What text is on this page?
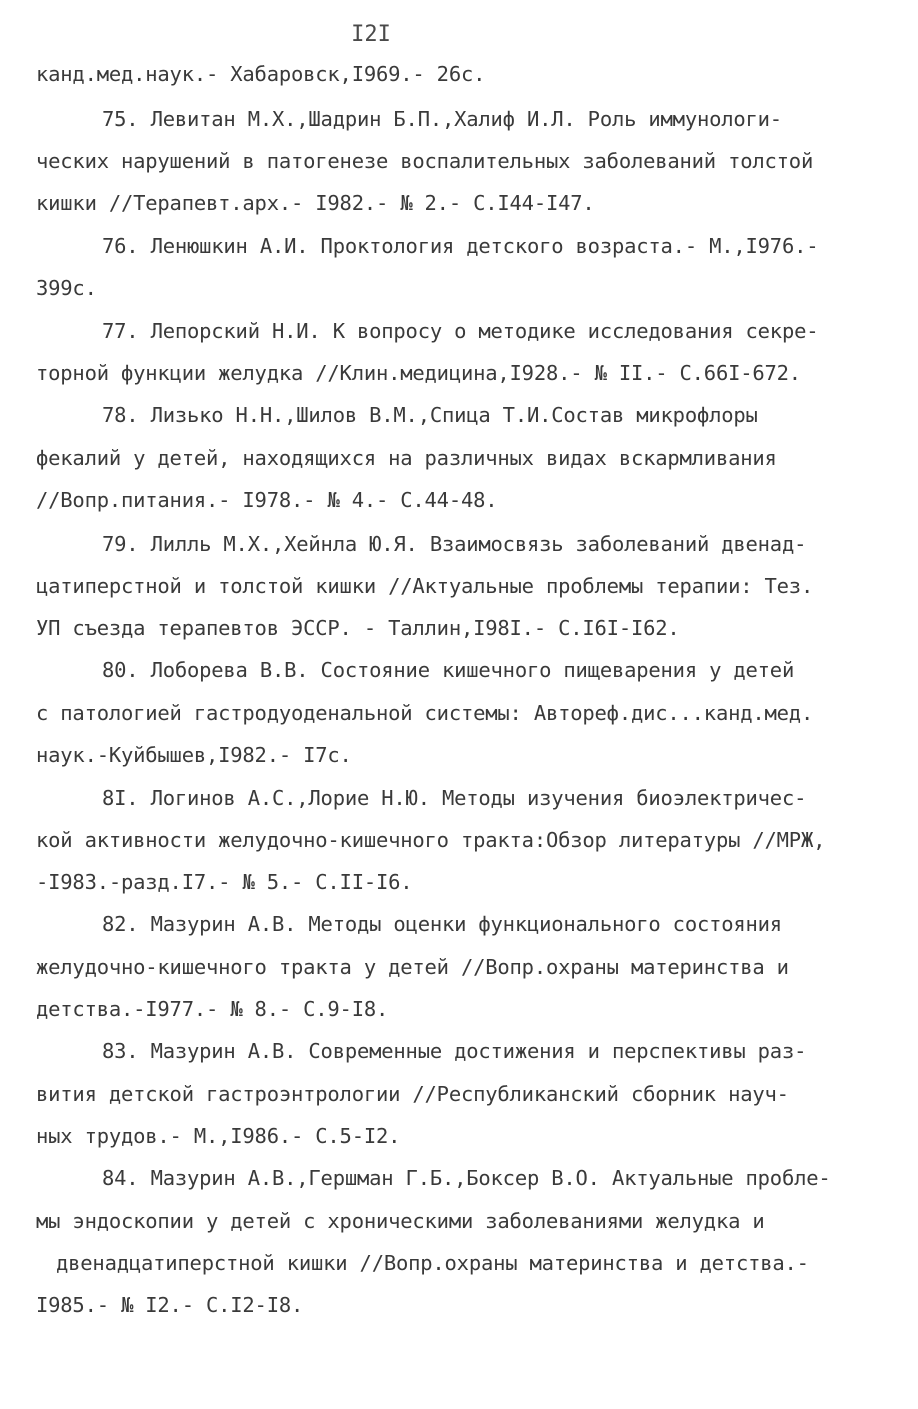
I2I
канд.мед.наук.- Хабаровск,I969.- 26с.
75. Левитан М.Х.,Шадрин Б.П.,Халиф И.Л. Роль иммунологи-
ческих нарушений в патогенезе воспалительных заболеваний толстой
кишки //Терапевт.арх.- I982.- № 2.- С.I44-I47.
76. Ленюшкин А.И. Проктология детского возраста.- М.,I976.-
399с.
77. Лепорский Н.И. К вопросу о методике исследования секре-
торной функции желудка //Клин.медицина,I928.- № II.- С.66I-672.
78. Лизько Н.Н.,Шилов В.М.,Спица Т.И.Состав микрофлоры
фекалий у детей, находящихся на различных видах вскармливания
//Вопр.питания.- I978.- № 4.- С.44-48.
79. Лилль М.Х.,Хейнла Ю.Я. Взаимосвязь заболеваний двенад-
цатиперстной и толстой кишки //Актуальные проблемы терапии: Тез.
УП съезда терапевтов ЭССР. - Таллин,I98I.- С.I6I-I62.
80. Лоборева В.В. Состояние кишечного пищеварения у детей
с патологией гастродуоденальной системы: Автореф.дис...канд.мед.
наук.-Куйбышев,I982.- I7с.
8I. Логинов А.С.,Лорие Н.Ю. Методы изучения биоэлектричес-
кой активности желудочно-кишечного тракта:Обзор литературы //МРЖ,
-I983.-разд.I7.- № 5.- С.II-I6.
82. Мазурин А.В. Методы оценки функционального состояния
желудочно-кишечного тракта у детей //Вопр.охраны материнства и
детства.-I977.- № 8.- С.9-I8.
83. Мазурин А.В. Современные достижения и перспективы раз-
вития детской гастроэнтрологии //Республиканский сборник науч-
ных трудов.- М.,I986.- С.5-I2.
84. Мазурин А.В.,Гершман Г.Б.,Боксер В.О. Актуальные пробле-
мы эндоскопии у детей с хроническими заболеваниями желудка и
двенадцатиперстной кишки //Вопр.охраны материнства и детства.-
I985.- № I2.- С.I2-I8.
